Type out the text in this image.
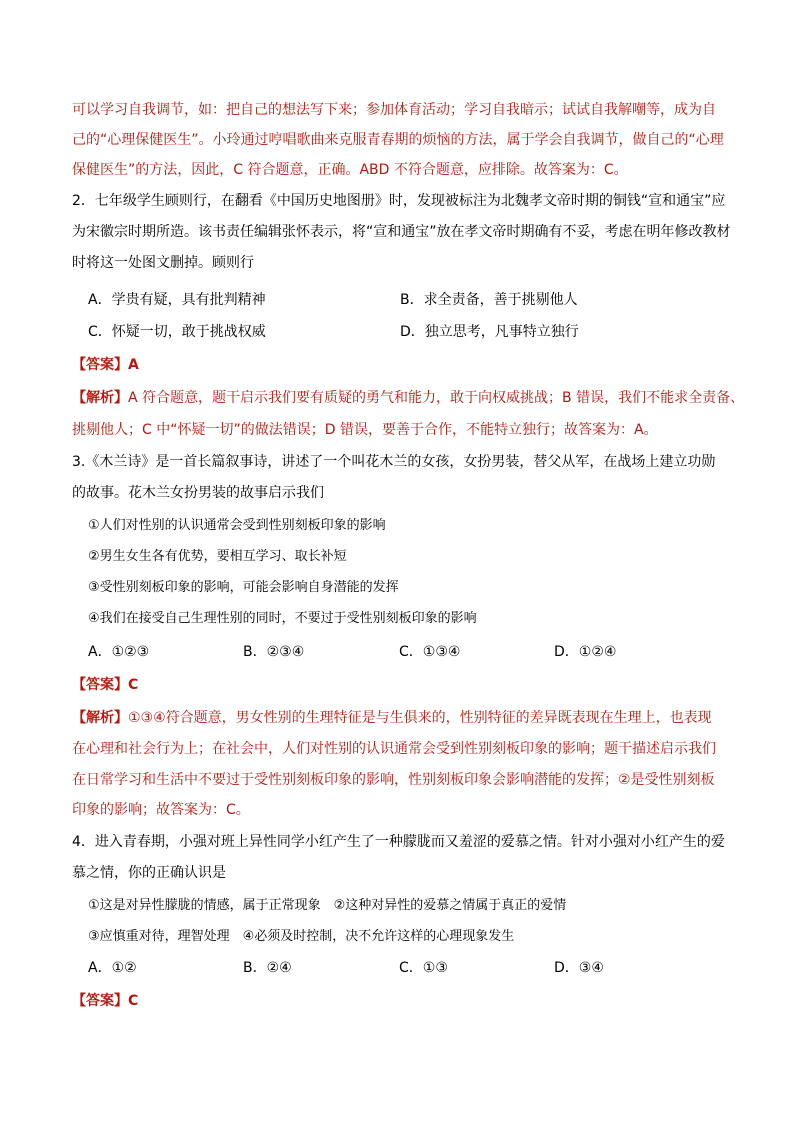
可以学习自我调节，如：把自己的想法写下来；参加体育活动；学习自我暗示；试试自我解嘲等，成为自
己的“心理保健医生”。小玲通过哼唱歌曲来克服青春期的烦恼的方法，属于学会自我调节，做自己的“心理
保健医生”的方法，因此，C 符合题意，正确。ABD 不符合题意，应排除。故答案为：C。
2．七年级学生顾则行，在翻看《中国历史地图册》时，发现被标注为北魏孝文帝时期的铜钱“宣和通宝”应
为宋徽宗时期所造。该书责任编辑张怀表示，将“宣和通宝”放在孝文帝时期确有不妥，考虑在明年修改教材
时将这一处图文删掉。顾则行
A．学贵有疑，具有批判精神	B．求全责备，善于挑剔他人
C．怀疑一切，敢于挑战权威	D．独立思考，凡事特立独行
【答案】A
【解析】A 符合题意，题干启示我们要有质疑的勇气和能力，敢于向权威挑战；B 错误，我们不能求全责备、
挑剔他人；C 中“怀疑一切”的做法错误；D 错误，要善于合作，不能特立独行；故答案为：A。
3.《木兰诗》是一首长篇叙事诗，讲述了一个叫花木兰的女孩，女扮男装，替父从军，在战场上建立功勋
的故事。花木兰女扮男装的故事启示我们
①人们对性别的认识通常会受到性别刻板印象的影响
②男生女生各有优势，要相互学习、取长补短
③受性别刻板印象的影响，可能会影响自身潜能的发挥
④我们在接受自己生理性别的同时，不要过于受性别刻板印象的影响
A．①②③	B．②③④	C．①③④	D．①②④
【答案】C
【解析】①③④符合题意，男女性别的生理特征是与生俱来的，性别特征的差异既表现在生理上，也表现
在心理和社会行为上；在社会中，人们对性别的认识通常会受到性别刻板印象的影响；题干描述启示我们
在日常学习和生活中不要过于受性别刻板印象的影响，性别刻板印象会影响潜能的发挥；②是受性别刻板
印象的影响；故答案为：C。
4．进入青春期，小强对班上异性同学小红产生了一种朦胧而又羞涩的爱慕之情。针对小强对小红产生的爱
慕之情，你的正确认识是
①这是对异性朦胧的情感，属于正常现象　②这种对异性的爱慕之情属于真正的爱情
③应慎重对待，理智处理　④必须及时控制，决不允许这样的心理现象发生
A．①②	B．②④	C．①③	D．③④
【答案】C
